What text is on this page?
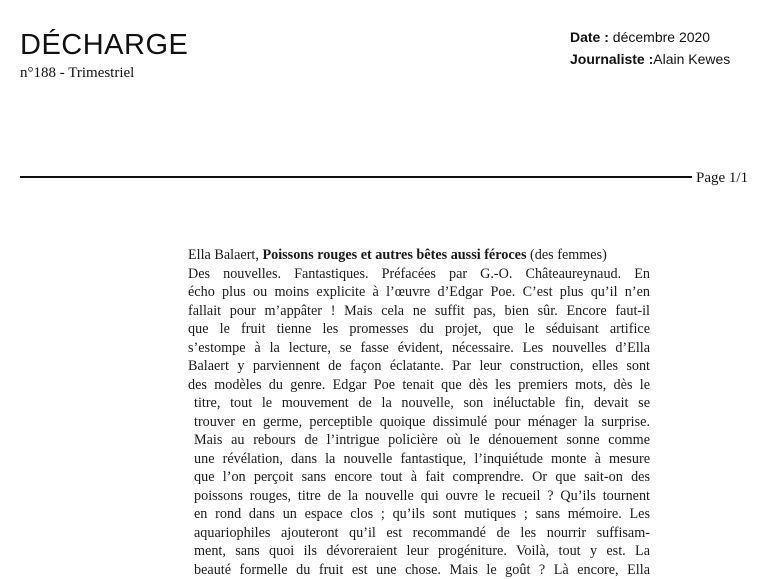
DÉCHARGE
n°188 - Trimestriel
Date : décembre 2020
Journaliste :Alain Kewes
Page 1/1
Ella Balaert, Poissons rouges et autres bêtes aussi féroces (des femmes)
Des nouvelles. Fantastiques. Préfacées par G.-O. Châteaureynaud. En
écho plus ou moins explicite à l’œuvre d’Edgar Poe. C’est plus qu’il n’en
fallait pour m’appâter ! Mais cela ne suffit pas, bien sûr. Encore faut-il
que le fruit tienne les promesses du projet, que le séduisant artifice
s’estompe à la lecture, se fasse évident, nécessaire. Les nouvelles d’Ella
Balaert y parviennent de façon éclatante. Par leur construction, elles sont
des modèles du genre. Edgar Poe tenait que dès les premiers mots, dès le
titre, tout le mouvement de la nouvelle, son inéluctable fin, devait se
trouver en germe, perceptible quoique dissimulé pour ménager la surprise.
Mais au rebours de l’intrigue policière où le dénouement sonne comme
une révélation, dans la nouvelle fantastique, l’inquiétude monte à mesure
que l’on perçoit sans encore tout à fait comprendre. Or que sait-on des
poissons rouges, titre de la nouvelle qui ouvre le recueil ? Qu’ils tournent
en rond dans un espace clos ; qu’ils sont mutiques ; sans mémoire. Les
aquariophiles ajouteront qu’il est recommandé de les nourrir suffisam-
ment, sans quoi ils dévoreraient leur progéniture. Voilà, tout y est. La
beauté formelle du fruit est une chose. Mais le goût ? Là encore, Ella
